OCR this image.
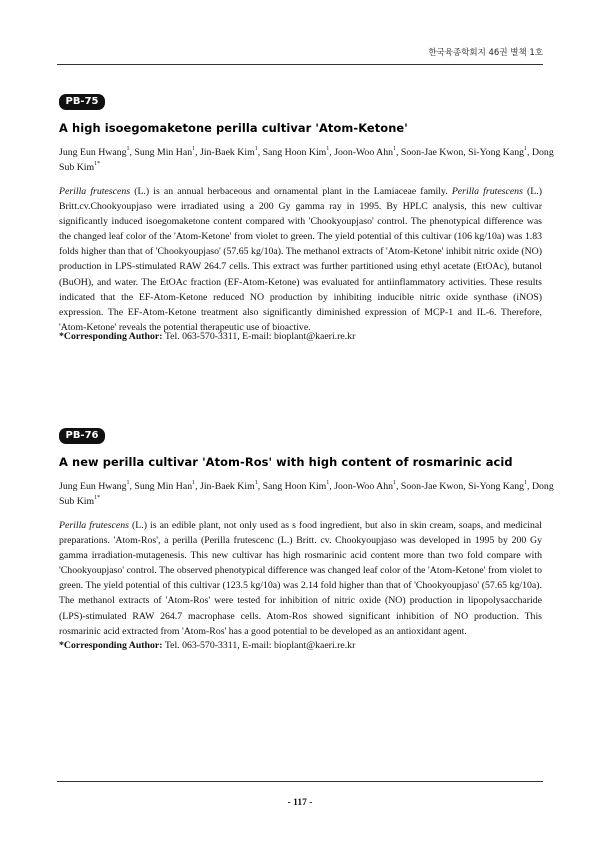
한국육종학회지 46권 별책 1호
PB-75
A high isoegomaketone perilla cultivar 'Atom-Ketone'
Jung Eun Hwang$^1$, Sung Min Han$^1$, Jin-Baek Kim$^1$, Sang Hoon Kim$^1$, Joon-Woo Ahn$^1$, Soon-Jae Kwon, Si-Yong Kang$^1$, Dong Sub Kim$^{1*}$
Perilla frutescens (L.) is an annual herbaceous and ornamental plant in the Lamiaceae family. Perilla frutescens (L.) Britt.cv.Chookyoupjaso were irradiated using a 200 Gy gamma ray in 1995. By HPLC analysis, this new cultivar significantly induced isoegomaketone content compared with 'Chookyoupjaso' control. The phenotypical difference was the changed leaf color of the 'Atom-Ketone' from violet to green. The yield potential of this cultivar (106 kg/10a) was 1.83 folds higher than that of 'Chookyoupjaso' (57.65 kg/10a). The methanol extracts of 'Atom-Ketone' inhibit nitric oxide (NO) production in LPS-stimulated RAW 264.7 cells. This extract was further partitioned using ethyl acetate (EtOAc), butanol (BuOH), and water. The EtOAc fraction (EF-Atom-Ketone) was evaluated for antiinflammatory activities. These results indicated that the EF-Atom-Ketone reduced NO production by inhibiting inducible nitric oxide synthase (iNOS) expression. The EF-Atom-Ketone treatment also significantly diminished expression of MCP-1 and IL-6. Therefore, 'Atom-Ketone' reveals the potential therapeutic use of bioactive.
*Corresponding Author: Tel. 063-570-3311, E-mail: bioplant@kaeri.re.kr
PB-76
A new perilla cultivar 'Atom-Ros' with high content of rosmarinic acid
Jung Eun Hwang$^1$, Sung Min Han$^1$, Jin-Baek Kim$^1$, Sang Hoon Kim$^1$, Joon-Woo Ahn$^1$, Soon-Jae Kwon, Si-Yong Kang$^1$, Dong Sub Kim$^{1*}$
Perilla frutescens (L.) is an edible plant, not only used as s food ingredient, but also in skin cream, soaps, and medicinal preparations. 'Atom-Ros', a perilla (Perilla frutescenc (L.) Britt. cv. Chookyoupjaso was developed in 1995 by 200 Gy gamma irradiation-mutagenesis. This new cultivar has high rosmarinic acid content more than two fold compare with 'Chookyoupjaso' control. The observed phenotypical difference was changed leaf color of the 'Atom-Ketone' from violet to green. The yield potential of this cultivar (123.5 kg/10a) was 2.14 fold higher than that of 'Chookyoupjaso' (57.65 kg/10a). The methanol extracts of 'Atom-Ros' were tested for inhibition of nitric oxide (NO) production in lipopolysaccharide (LPS)-stimulated RAW 264.7 macrophase cells. Atom-Ros showed significant inhibition of NO production. This rosmarinic acid extracted from 'Atom-Ros' has a good potential to be developed as an antioxidant agent.
*Corresponding Author: Tel. 063-570-3311, E-mail: bioplant@kaeri.re.kr
- 117 -
